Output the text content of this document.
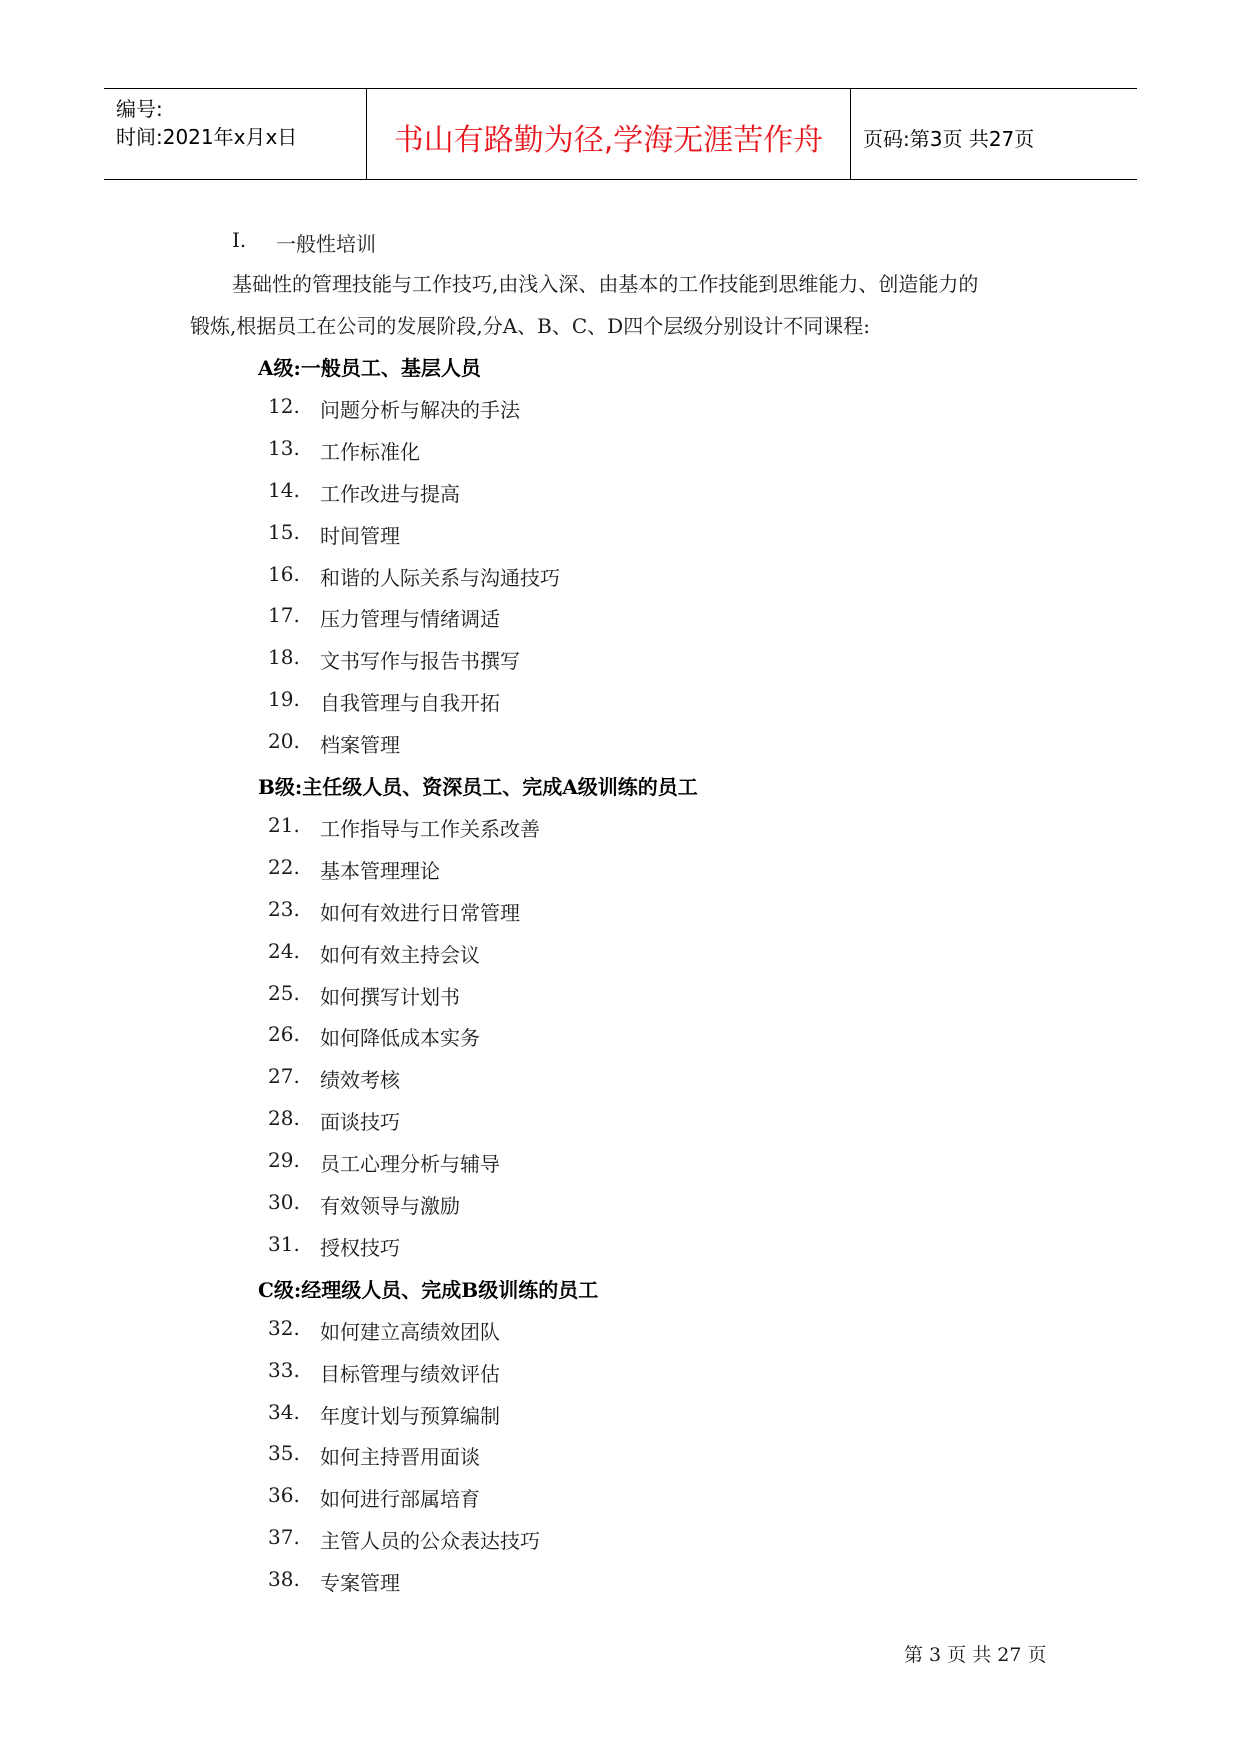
编号:
时间:2021年x月x日	书山有路勤为径,学海无涯苦作舟	页码:第3页 共27页
I. 一般性培训
基础性的管理技能与工作技巧,由浅入深、由基本的工作技能到思维能力、创造能力的
锻炼,根据员工在公司的发展阶段,分A、B、C、D四个层级分别设计不同课程:
A级:一般员工、基层人员
12. 问题分析与解决的手法
13. 工作标准化
14. 工作改进与提高
15. 时间管理
16. 和谐的人际关系与沟通技巧
17. 压力管理与情绪调适
18. 文书写作与报告书撰写
19. 自我管理与自我开拓
20. 档案管理
B级:主任级人员、资深员工、完成A级训练的员工
21. 工作指导与工作关系改善
22. 基本管理理论
23. 如何有效进行日常管理
24. 如何有效主持会议
25. 如何撰写计划书
26. 如何降低成本实务
27. 绩效考核
28. 面谈技巧
29. 员工心理分析与辅导
30. 有效领导与激励
31. 授权技巧
C级:经理级人员、完成B级训练的员工
32. 如何建立高绩效团队
33. 目标管理与绩效评估
34. 年度计划与预算编制
35. 如何主持晋用面谈
36. 如何进行部属培育
37. 主管人员的公众表达技巧
38. 专案管理
第 3 页 共 27 页
